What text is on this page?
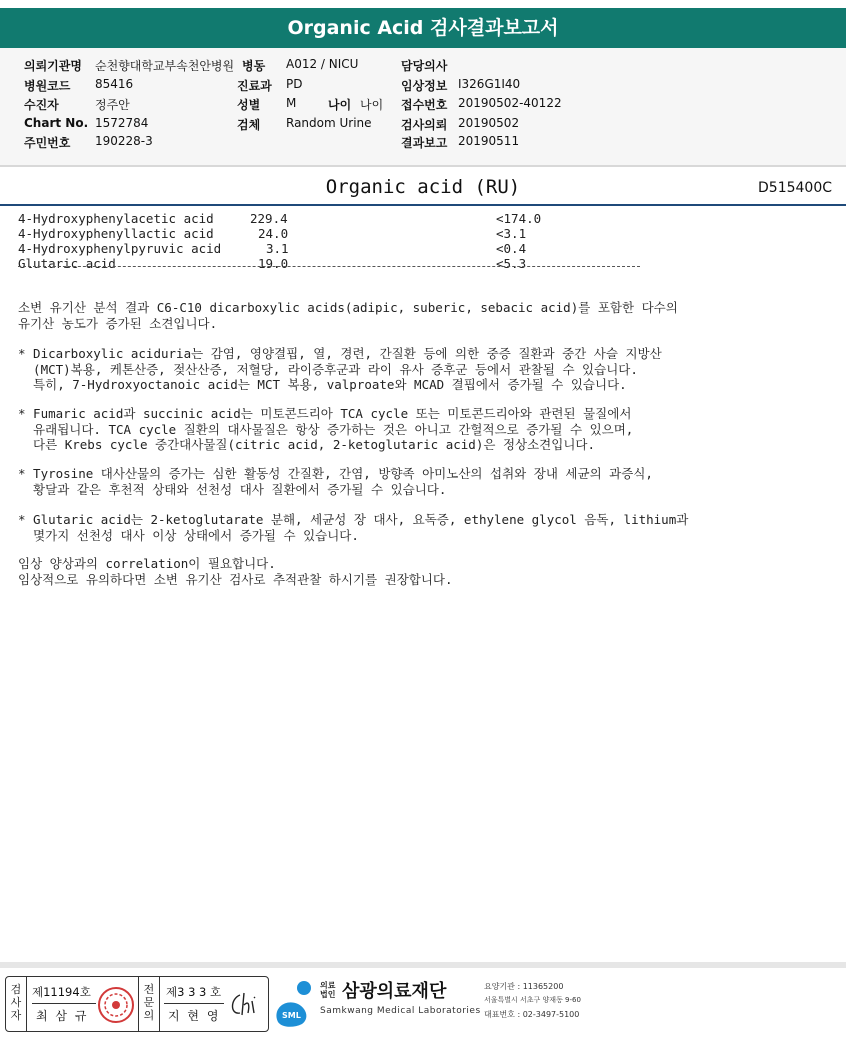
Organic Acid 검사결과보고서
의뢰기관명 순천향대학교부속천안병원 병동 A012 / NICU	담당의사
병원코드 85416	진료과 PD	임상정보 I326G1I40
수진자	정주안	성별 M	나이 나이 접수번호 20190502-40122
Chart No. 1572784	검체 Random Urine 검사의뢰 20190502
주민번호 190228-3	결과보고 20190511
Organic acid (RU)	D515400C
4-Hydroxyphenylacetic acid	229.4	<174.0
4-Hydroxyphenyllactic acid	24.0	<3.1
4-Hydroxyphenylpyruvic acid	3.1	<0.4
Glutaric acid	19.0	<5.3
소변 유기산 분석 결과 C6-C10 dicarboxylic acids(adipic, suberic, sebacic acid)를 포함한 다수의
유기산 농도가 증가된 소견입니다.
* Dicarboxylic aciduria는 감염, 영양결핍, 열, 경련, 간질환 등에 의한 중증 질환과 중간 사슬 지방산
(MCT)복용, 케톤산증, 젖산산증, 저혈당, 라이증후군과 라이 유사 증후군 등에서 관찰될 수 있습니다.
특히, 7-Hydroxyoctanoic acid는 MCT 복용, valproate와 MCAD 결핍에서 증가될 수 있습니다.
* Fumaric acid과 succinic acid는 미토콘드리아 TCA cycle 또는 미토콘드리아와 관련된 물질에서
유래됩니다. TCA cycle 질환의 대사물질은 항상 증가하는 것은 아니고 간헐적으로 증가될 수 있으며,
다른 Krebs cycle 중간대사물질(citric acid, 2-ketoglutaric acid)은 정상소견입니다.
* Tyrosine 대사산물의 증가는 심한 활동성 간질환, 간염, 방향족 아미노산의 섭취와 장내 세균의 과증식,
황달과 같은 후천적 상태와 선천성 대사 질환에서 증가될 수 있습니다.
* Glutaric acid는 2-ketoglutarate 분해, 세균성 장 대사, 요독증, ethylene glycol 음독, lithium과
몇가지 선천성 대사 이상 상태에서 증가될 수 있습니다.
임상 양상과의 correlation이 필요합니다.
임상적으로 유의하다면 소변 유기산 검사로 추적관찰 하시기를 권장합니다.
검사자
제11194호
최 삼 규
전문의
제3 3 3 호
지 현 영	SML
의료
법인 삼광의료재단
Samkwang Medical Laboratories
요양기관 : 11365200
서울특별시 서초구 양재동 9-60
대표번호 : 02-3497-5100
